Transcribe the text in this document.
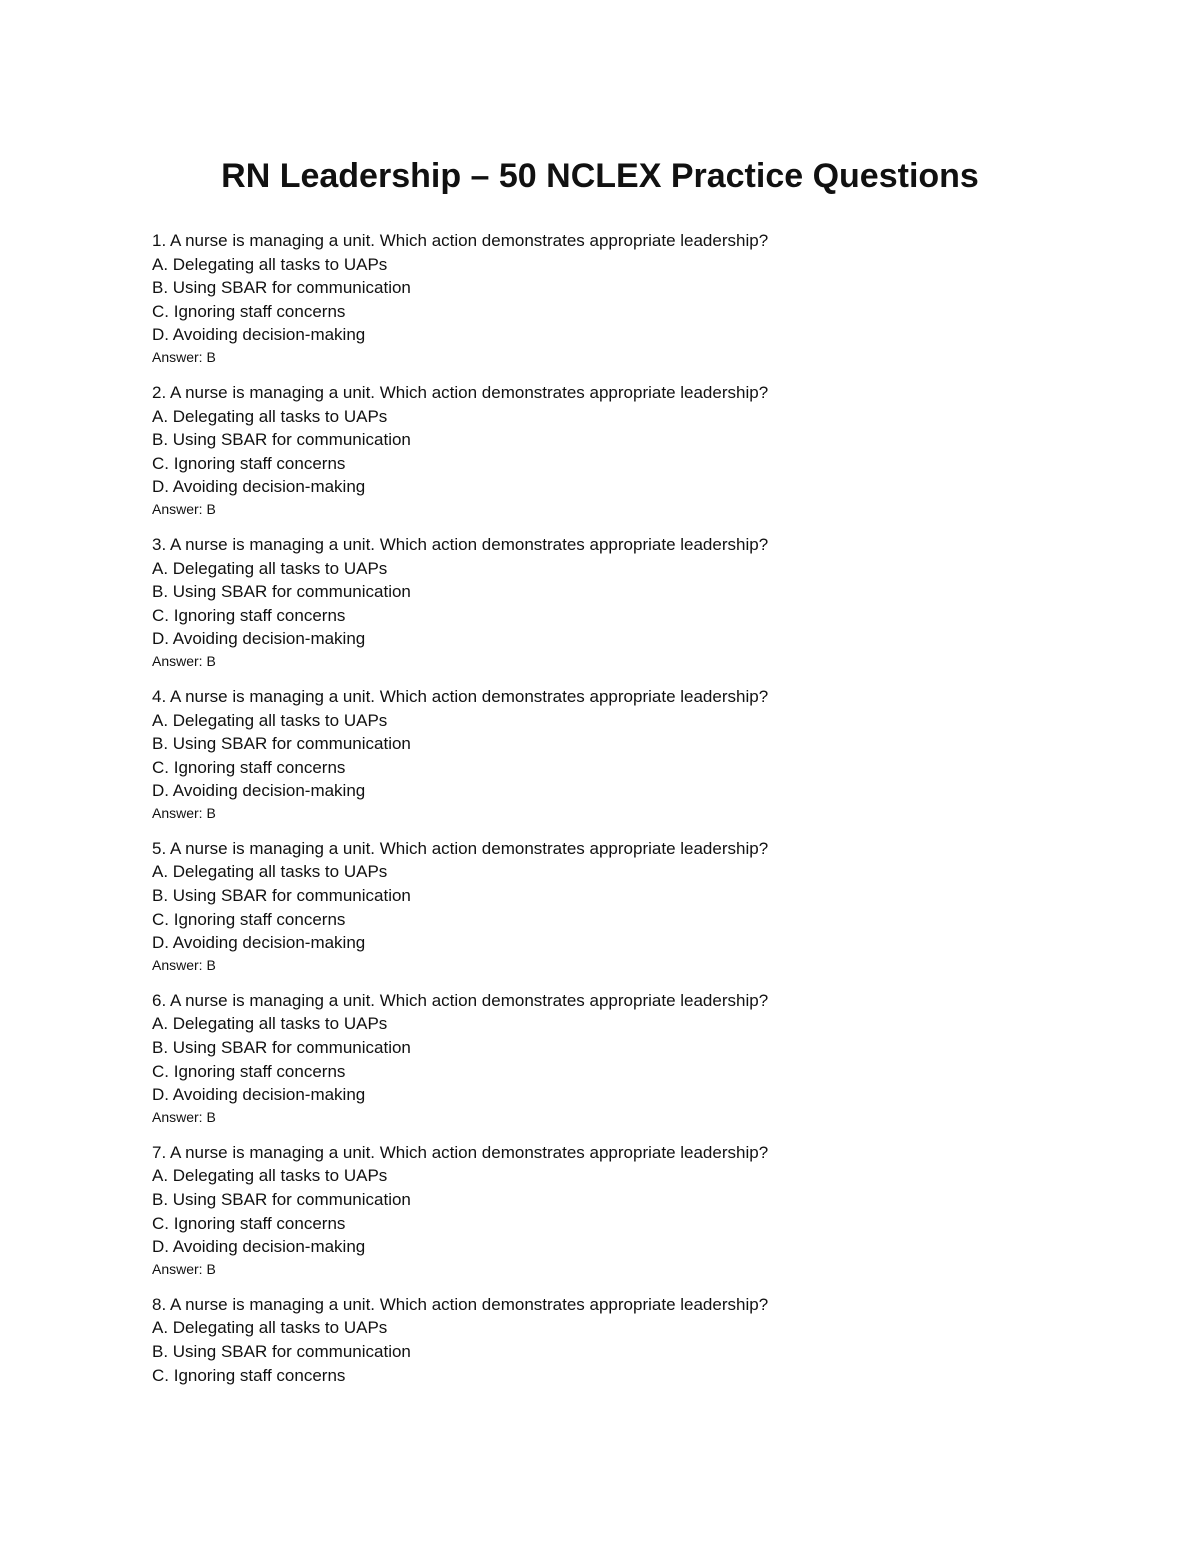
RN Leadership – 50 NCLEX Practice Questions
1. A nurse is managing a unit. Which action demonstrates appropriate leadership?
A. Delegating all tasks to UAPs
B. Using SBAR for communication
C. Ignoring staff concerns
D. Avoiding decision-making
Answer: B
2. A nurse is managing a unit. Which action demonstrates appropriate leadership?
A. Delegating all tasks to UAPs
B. Using SBAR for communication
C. Ignoring staff concerns
D. Avoiding decision-making
Answer: B
3. A nurse is managing a unit. Which action demonstrates appropriate leadership?
A. Delegating all tasks to UAPs
B. Using SBAR for communication
C. Ignoring staff concerns
D. Avoiding decision-making
Answer: B
4. A nurse is managing a unit. Which action demonstrates appropriate leadership?
A. Delegating all tasks to UAPs
B. Using SBAR for communication
C. Ignoring staff concerns
D. Avoiding decision-making
Answer: B
5. A nurse is managing a unit. Which action demonstrates appropriate leadership?
A. Delegating all tasks to UAPs
B. Using SBAR for communication
C. Ignoring staff concerns
D. Avoiding decision-making
Answer: B
6. A nurse is managing a unit. Which action demonstrates appropriate leadership?
A. Delegating all tasks to UAPs
B. Using SBAR for communication
C. Ignoring staff concerns
D. Avoiding decision-making
Answer: B
7. A nurse is managing a unit. Which action demonstrates appropriate leadership?
A. Delegating all tasks to UAPs
B. Using SBAR for communication
C. Ignoring staff concerns
D. Avoiding decision-making
Answer: B
8. A nurse is managing a unit. Which action demonstrates appropriate leadership?
A. Delegating all tasks to UAPs
B. Using SBAR for communication
C. Ignoring staff concerns
